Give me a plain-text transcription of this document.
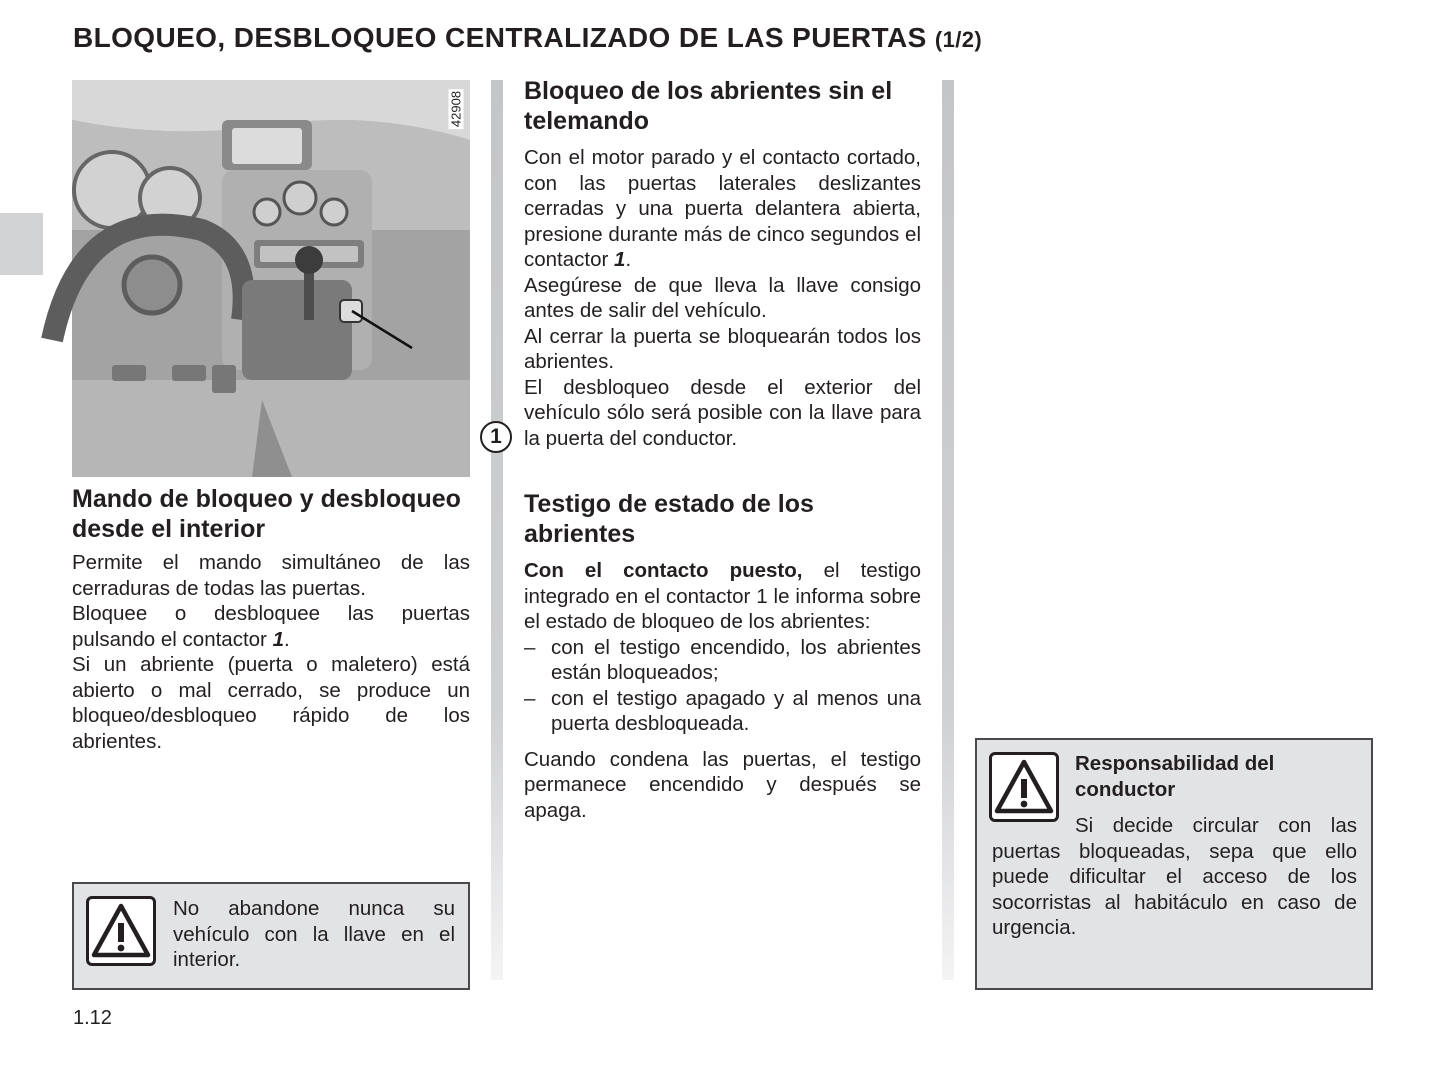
BLOQUEO, DESBLOQUEO CENTRALIZADO DE LAS PUERTAS (1/2)
42908
1
Mando de bloqueo y desbloqueo desde el interior

Permite el mando simultáneo de las cerraduras de todas las puertas.

Bloquee o desbloquee las puertas pulsando el contactor 1.

Si un abriente (puerta o maletero) está abierto o mal cerrado, se produce un bloqueo/desbloqueo rápido de los abrientes.

No abandone nunca su vehículo con la llave en el interior.

Bloqueo de los abrientes sin el telemando

Con el motor parado y el contacto cortado, con las puertas laterales deslizantes cerradas y una puerta delantera abierta, presione durante más de cinco segundos el contactor 1.

Asegúrese de que lleva la llave consigo antes de salir del vehículo.

Al cerrar la puerta se bloquearán todos los abrientes.

El desbloqueo desde el exterior del vehículo sólo será posible con la llave para la puerta del conductor.

Testigo de estado de los abrientes

Con el contacto puesto, el testigo integrado en el contactor 1 le informa sobre el estado de bloqueo de los abrientes:

– con el testigo encendido, los abrientes están bloqueados;

– con el testigo apagado y al menos una puerta desbloqueada.

Cuando condena las puertas, el testigo permanece encendido y después se apaga.

Responsabilidad del conductor

Si decide circular con las puertas bloqueadas, sepa que ello puede dificultar el acceso de los socorristas al habitáculo en caso de urgencia.

1.12
